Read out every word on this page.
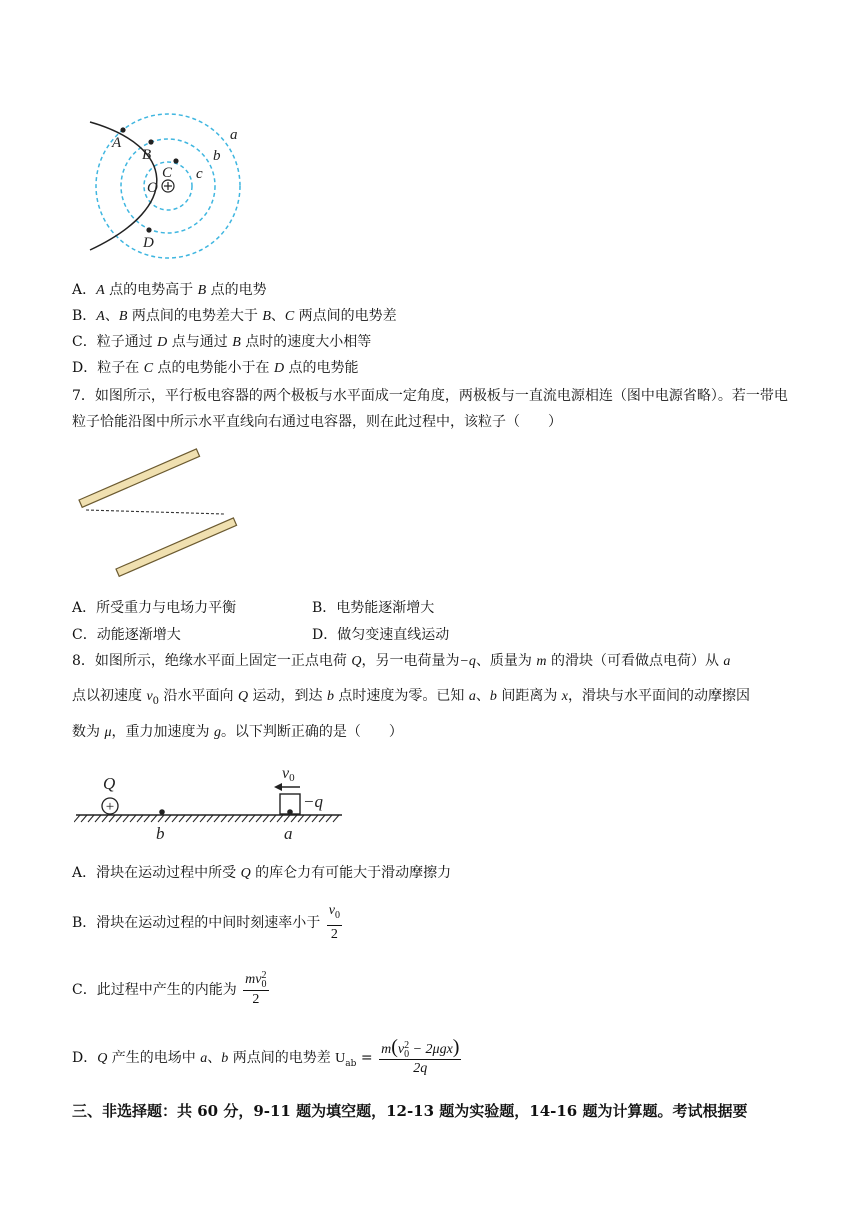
A
B
C
O
D
a
b
c
A．A 点的电势高于 B 点的电势
B．A、B 两点间的电势差大于 B、C 两点间的电势差
C．粒子通过 D 点与通过 B 点时的速度大小相等
D．粒子在 C 点的电势能小于在 D 点的电势能
7．如图所示，平行板电容器的两个极板与水平面成一定角度，两极板与一直流电源相连（图中电源省略）。若一带电粒子恰能沿图中所示水平直线向右通过电容器，则在此过程中，该粒子（　　）
A．所受重力与电场力平衡	B．电势能逐渐增大
C．动能逐渐增大	D．做匀变速直线运动
8．如图所示，绝缘水平面上固定一正点电荷 Q，另一电荷量为−q、质量为 m 的滑块（可看做点电荷）从 a
点以初速度 $v_0$ 沿水平面向 Q 运动，到达 b 点时速度为零。已知 a、b 间距离为 x，滑块与水平面间的动摩擦因
数为 μ，重力加速度为 g。以下判断正确的是（　　）
+
Q
b	a
−q
v0
A．滑块在运动过程中所受 Q 的库仑力有可能大于滑动摩擦力
B．滑块在运动过程的中间时刻速率小于 $\frac{v_0}{2}$
C．此过程中产生的内能为 mv 2
0
2
D．Q 产生的电场中 a、b 两点间的电势差 $U_{ab} = m(v$ 2
0 − 2μgx)
2q
三、非选择题：共 60 分，9-11 题为填空题，12-13 题为实验题，14-16 题为计算题。考试根据要
